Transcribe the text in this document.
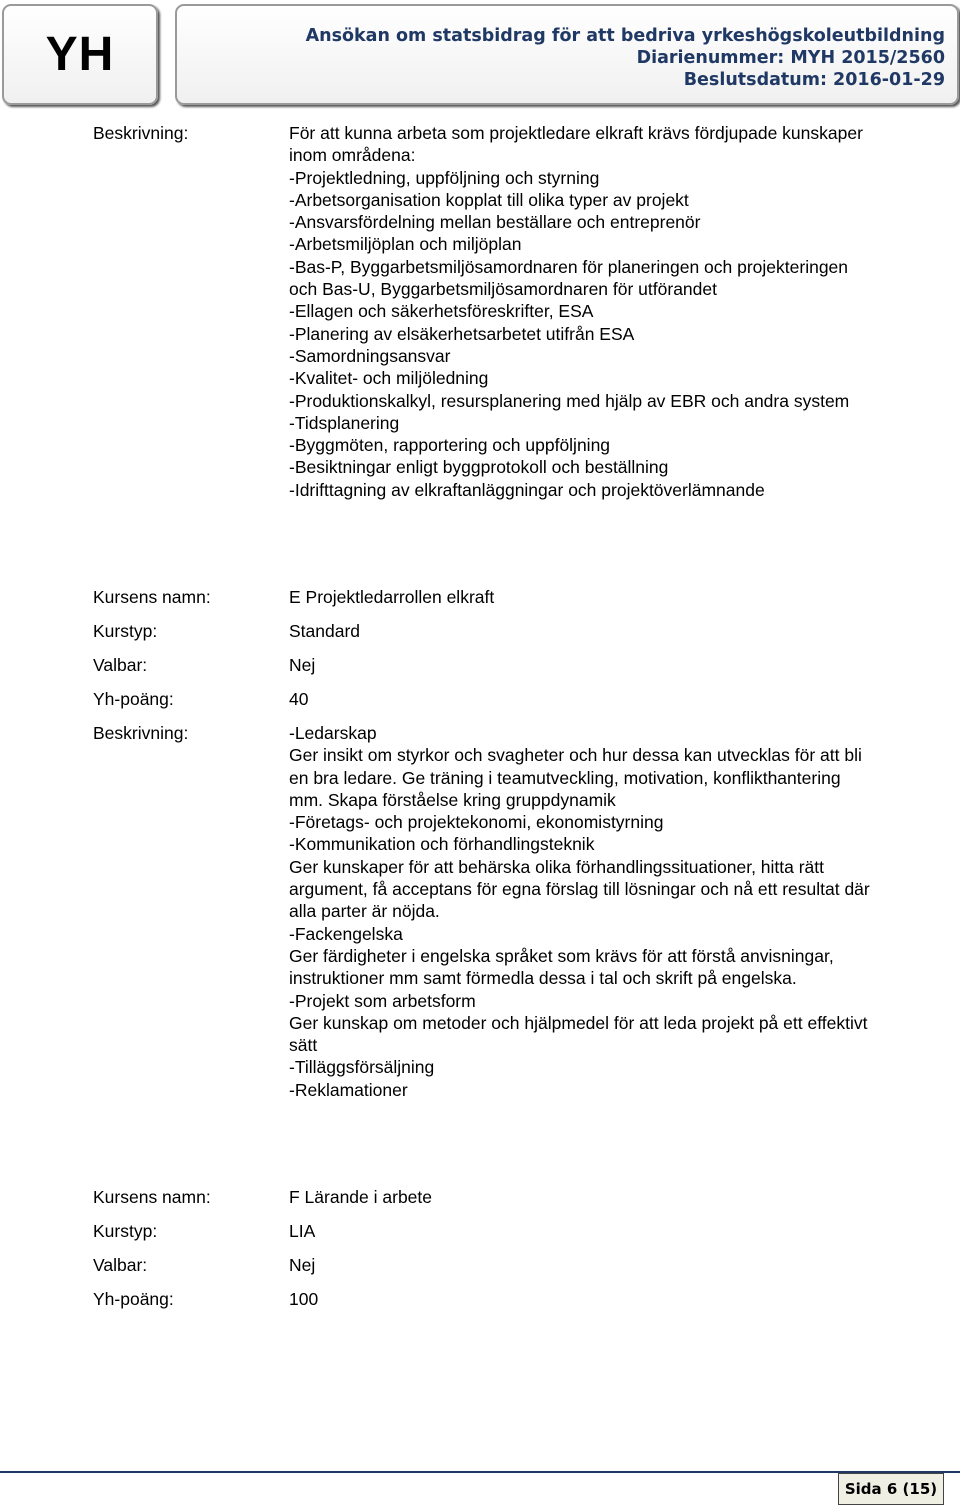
YH	Ansökan om statsbidrag för att bedriva yrkeshögskoleutbildning
Diarienummer: MYH 2015/2560
Beslutsdatum: 2016-01-29
Beskrivning:	För att kunna arbeta som projektledare elkraft krävs fördjupade kunskaper
inom områdena:
-Projektledning, uppföljning och styrning
-Arbetsorganisation kopplat till olika typer av projekt
-Ansvarsfördelning mellan beställare och entreprenör
-Arbetsmiljöplan och miljöplan
-Bas-P, Byggarbetsmiljösamordnaren för planeringen och projekteringen
och Bas-U, Byggarbetsmiljösamordnaren för utförandet
-Ellagen och säkerhetsföreskrifter, ESA
-Planering av elsäkerhetsarbetet utifrån ESA
-Samordningsansvar
-Kvalitet- och miljöledning
-Produktionskalkyl, resursplanering med hjälp av EBR och andra system
-Tidsplanering
-Byggmöten, rapportering och uppföljning
-Besiktningar enligt byggprotokoll och beställning
-Idrifttagning av elkraftanläggningar och projektöverlämnande
Kursens namn:	E Projektledarrollen elkraft
Kurstyp:	Standard
Valbar:	Nej
Yh-poäng:	40
Beskrivning:	-Ledarskap
Ger insikt om styrkor och svagheter och hur dessa kan utvecklas för att bli
en bra ledare. Ge träning i teamutveckling, motivation, konflikthantering
mm. Skapa förståelse kring gruppdynamik
-Företags- och projektekonomi, ekonomistyrning
-Kommunikation och förhandlingsteknik
Ger kunskaper för att behärska olika förhandlingssituationer, hitta rätt
argument, få acceptans för egna förslag till lösningar och nå ett resultat där
alla parter är nöjda.
-Fackengelska
Ger färdigheter i engelska språket som krävs för att förstå anvisningar,
instruktioner mm samt förmedla dessa i tal och skrift på engelska.
-Projekt som arbetsform
Ger kunskap om metoder och hjälpmedel för att leda projekt på ett effektivt
sätt
-Tilläggsförsäljning
-Reklamationer
Kursens namn:	F Lärande i arbete
Kurstyp:	LIA
Valbar:	Nej
Yh-poäng:	100
Sida 6 (15)
